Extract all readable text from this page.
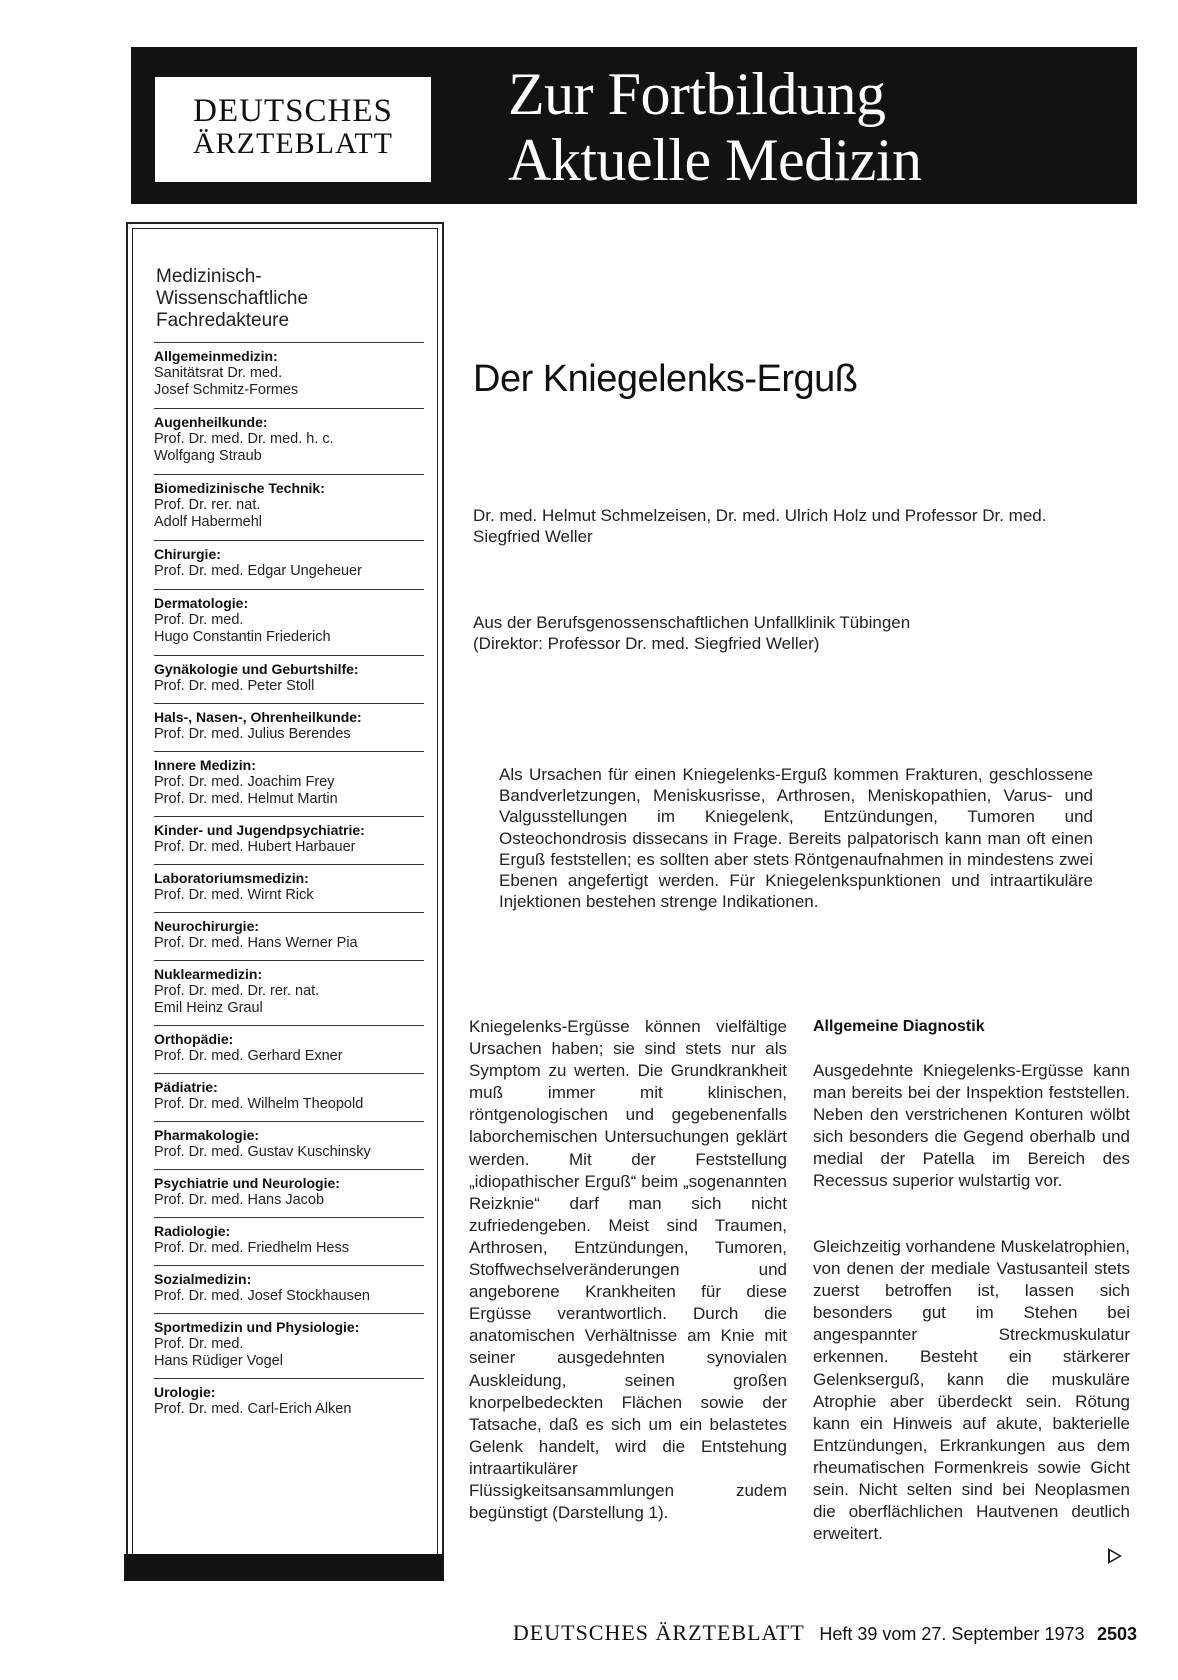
DEUTSCHES
ÄRZTEBLATT
Zur Fortbildung
Aktuelle Medizin
Medizinisch-
Wissenschaftliche
Fachredakteure
Allgemeinmedizin:
Sanitätsrat Dr. med.
Josef Schmitz-Formes
Augenheilkunde:
Prof. Dr. med. Dr. med. h. c.
Wolfgang Straub
Biomedizinische Technik:
Prof. Dr. rer. nat.
Adolf Habermehl
Chirurgie:
Prof. Dr. med. Edgar Ungeheuer
Dermatologie:
Prof. Dr. med.
Hugo Constantin Friederich
Gynäkologie und Geburtshilfe:
Prof. Dr. med. Peter Stoll
Hals-, Nasen-, Ohrenheilkunde:
Prof. Dr. med. Julius Berendes
Innere Medizin:
Prof. Dr. med. Joachim Frey
Prof. Dr. med. Helmut Martin
Kinder- und Jugendpsychiatrie:
Prof. Dr. med. Hubert Harbauer
Laboratoriumsmedizin:
Prof. Dr. med. Wirnt Rick
Neurochirurgie:
Prof. Dr. med. Hans Werner Pia
Nuklearmedizin:
Prof. Dr. med. Dr. rer. nat.
Emil Heinz Graul
Orthopädie:
Prof. Dr. med. Gerhard Exner
Pädiatrie:
Prof. Dr. med. Wilhelm Theopold
Pharmakologie:
Prof. Dr. med. Gustav Kuschinsky
Psychiatrie und Neurologie:
Prof. Dr. med. Hans Jacob
Radiologie:
Prof. Dr. med. Friedhelm Hess
Sozialmedizin:
Prof. Dr. med. Josef Stockhausen
Sportmedizin und Physiologie:
Prof. Dr. med.
Hans Rüdiger Vogel
Urologie:
Prof. Dr. med. Carl-Erich Alken
Der Kniegelenks-Erguß
Dr. med. Helmut Schmelzeisen, Dr. med. Ulrich Holz und Professor Dr. med. Siegfried Weller
Aus der Berufsgenossenschaftlichen Unfallklinik Tübingen
(Direktor: Professor Dr. med. Siegfried Weller)
Als Ursachen für einen Kniegelenks-Erguß kommen Frakturen, geschlossene Bandverletzungen, Meniskusrisse, Arthrosen, Meniskopathien, Varus- und Valgusstellungen im Kniegelenk, Entzündungen, Tumoren und Osteochondrosis dissecans in Frage. Bereits palpatorisch kann man oft einen Erguß feststellen; es sollten aber stets Röntgenaufnahmen in mindestens zwei Ebenen angefertigt werden. Für Kniegelenkspunktionen und intraartikuläre Injektionen bestehen strenge Indikationen.
Kniegelenks-Ergüsse können vielfältige Ursachen haben; sie sind stets nur als Symptom zu werten. Die Grundkrankheit muß immer mit klinischen, röntgenologischen und gegebenenfalls laborchemischen Untersuchungen geklärt werden. Mit der Feststellung „idiopathischer Erguß“ beim „sogenannten Reizknie“ darf man sich nicht zufriedengeben. Meist sind Traumen, Arthrosen, Entzündungen, Tumoren, Stoffwechselveränderungen und angeborene Krankheiten für diese Ergüsse verantwortlich. Durch die anatomischen Verhältnisse am Knie mit seiner ausgedehnten synovialen Auskleidung, seinen großen knorpelbedeckten Flächen sowie der Tatsache, daß es sich um ein belastetes Gelenk handelt, wird die Entstehung intraartikulärer Flüssigkeitsansammlungen zudem begünstigt (Darstellung 1).
Allgemeine Diagnostik
Ausgedehnte Kniegelenks-Ergüsse kann man bereits bei der Inspektion feststellen. Neben den verstrichenen Konturen wölbt sich besonders die Gegend oberhalb und medial der Patella im Bereich des Recessus superior wulstartig vor.
Gleichzeitig vorhandene Muskelatrophien, von denen der mediale Vastusanteil stets zuerst betroffen ist, lassen sich besonders gut im Stehen bei angespannter Streckmuskulatur erkennen. Besteht ein stärkerer Gelenkserguß, kann die muskuläre Atrophie aber überdeckt sein. Rötung kann ein Hinweis auf akute, bakterielle Entzündungen, Erkrankungen aus dem rheumatischen Formenkreis sowie Gicht sein. Nicht selten sind bei Neoplasmen die oberflächlichen Hautvenen deutlich erweitert.
DEUTSCHES ÄRZTEBLATT Heft 39 vom 27. September 1973 2503
